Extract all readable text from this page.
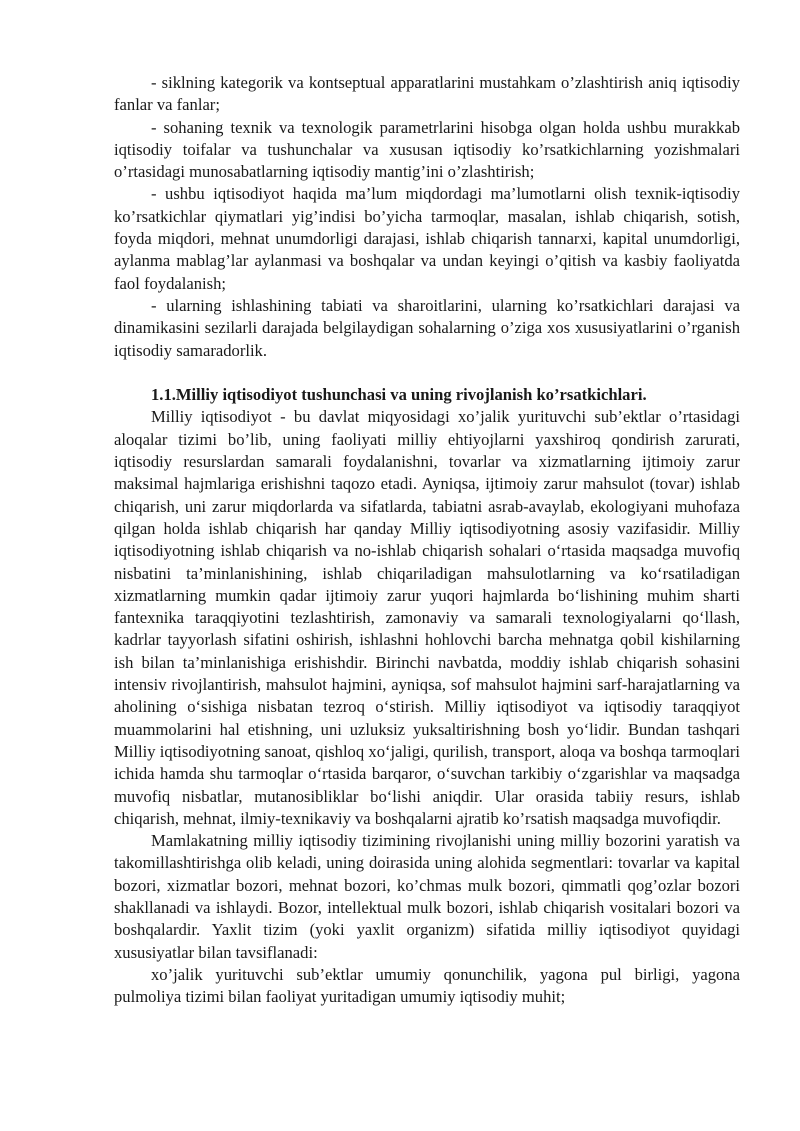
- siklning kategorik va kontseptual apparatlarini mustahkam o’zlashtirish aniq iqtisodiy fanlar va fanlar;

- sohaning texnik va texnologik parametrlarini hisobga olgan holda ushbu murakkab iqtisodiy toifalar va tushunchalar va xususan iqtisodiy ko’rsatkichlarning yozishmalari o’rtasidagi munosabatlarning iqtisodiy mantig’ini o’zlashtirish;

- ushbu iqtisodiyot haqida ma’lum miqdordagi ma’lumotlarni olish texnik-iqtisodiy ko’rsatkichlar qiymatlari yig’indisi bo’yicha tarmoqlar, masalan, ishlab chiqarish, sotish, foyda miqdori, mehnat unumdorligi darajasi, ishlab chiqarish tannarxi, kapital unumdorligi, aylanma mablag’lar aylanmasi va boshqalar va undan keyingi o’qitish va kasbiy faoliyatda faol foydalanish;

- ularning ishlashining tabiati va sharoitlarini, ularning ko’rsatkichlari darajasi va dinamikasini sezilarli darajada belgilaydigan sohalarning o’ziga xos xususiyatlarini o’rganish iqtisodiy samaradorlik.

1.1.Milliy iqtisodiyot tushunchasi va uning rivojlanish ko’rsatkichlari.

Milliy iqtisodiyot - bu davlat miqyosidagi xo’jalik yurituvchi sub’ektlar o’rtasidagi aloqalar tizimi bo’lib, uning faoliyati milliy ehtiyojlarni yaxshiroq qondirish zarurati, iqtisodiy resurslardan samarali foydalanishni, tovarlar va xizmatlarning ijtimoiy zarur maksimal hajmlariga erishishni taqozo etadi. Ayniqsa, ijtimoiy zarur mahsulot (tovar) ishlab chiqarish, uni zarur miqdorlarda va sifatlarda, tabiatni asrab-avaylab, ekologiyani muhofaza qilgan holda ishlab chiqarish har qanday Milliy iqtisodiyotning asosiy vazifasidir. Milliy iqtisodiyotning ishlab chiqarish va no-ishlab chiqarish sohalari o‘rtasida maqsadga muvofiq nisbatini ta’minlanishining, ishlab chiqariladigan mahsulotlarning va ko‘rsatiladigan xizmatlarning mumkin qadar ijtimoiy zarur yuqori hajmlarda bo‘lishining muhim sharti fantexnika taraqqiyotini tezlashtirish, zamonaviy va samarali texnologiyalarni qo‘llash, kadrlar tayyorlash sifatini oshirish, ishlashni hohlovchi barcha mehnatga qobil kishilarning ish bilan ta’minlanishiga erishishdir. Birinchi navbatda, moddiy ishlab chiqarish sohasini intensiv rivojlantirish, mahsulot hajmini, ayniqsa, sof mahsulot hajmini sarf-harajatlarning va aholining o‘sishiga nisbatan tezroq o‘stirish. Milliy iqtisodiyot va iqtisodiy taraqqiyot muammolarini hal etishning, uni uzluksiz yuksaltirishning bosh yo‘lidir. Bundan tashqari Milliy iqtisodiyotning sanoat, qishloq xo‘jaligi, qurilish, transport, aloqa va boshqa tarmoqlari ichida hamda shu tarmoqlar o‘rtasida barqaror, o‘suvchan tarkibiy o‘zgarishlar va maqsadga muvofiq nisbatlar, mutanosibliklar bo‘lishi aniqdir. Ular orasida tabiiy resurs, ishlab chiqarish, mehnat, ilmiy-texnikaviy va boshqalarni ajratib ko’rsatish maqsadga muvofiqdir.

Mamlakatning milliy iqtisodiy tizimining rivojlanishi uning milliy bozorini yaratish va takomillashtirishga olib keladi, uning doirasida uning alohida segmentlari: tovarlar va kapital bozori, xizmatlar bozori, mehnat bozori, ko’chmas mulk bozori, qimmatli qog’ozlar bozori shakllanadi va ishlaydi. Bozor, intellektual mulk bozori, ishlab chiqarish vositalari bozori va boshqalardir. Yaxlit tizim (yoki yaxlit organizm) sifatida milliy iqtisodiyot quyidagi xususiyatlar bilan tavsiflanadi:

xo’jalik yurituvchi sub’ektlar umumiy qonunchilik, yagona pul birligi, yagona pulmoliya tizimi bilan faoliyat yuritadigan umumiy iqtisodiy muhit;
